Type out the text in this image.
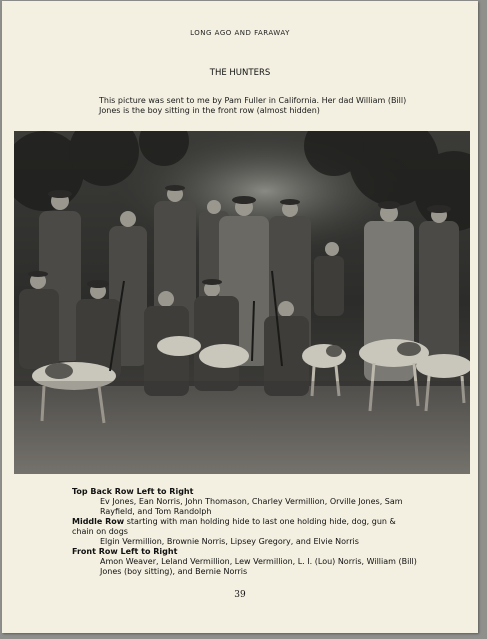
LONG AGO AND FARAWAY
THE HUNTERS
This picture was sent to me by Pam Fuller in California. Her dad William (Bill) Jones is the boy sitting in the front row (almost hidden)
Top Back Row Left to Right
Ev Jones, Ean Norris, John Thomason, Charley Vermillion, Orville Jones, Sam Rayfield, and Tom Randolph
Middle Row starting with man holding hide to last one holding hide, dog, gun & chain on dogs
Elgin Vermillion, Brownie Norris, Lipsey Gregory, and Elvie Norris
Front Row Left to Right
Amon Weaver, Leland Vermillion, Lew Vermillion, L. I. (Lou) Norris, William (Bill) Jones (boy sitting), and Bernie Norris
39
